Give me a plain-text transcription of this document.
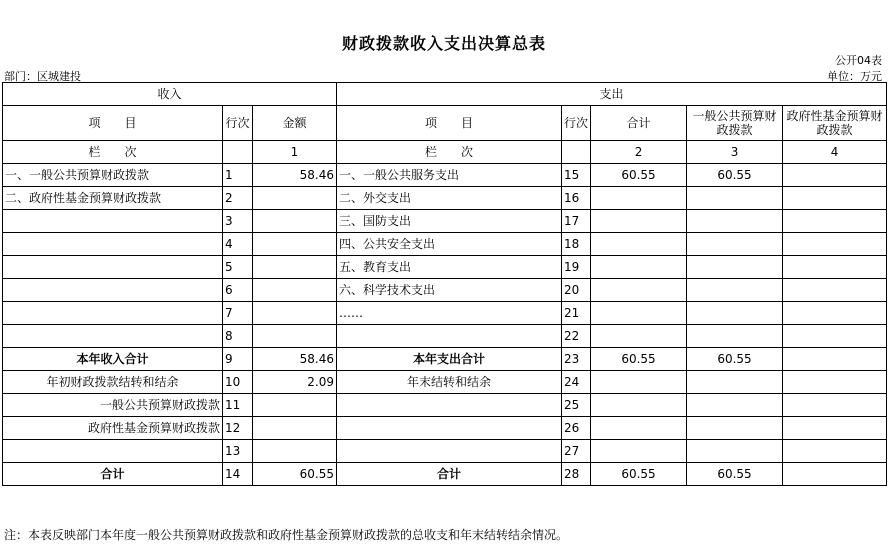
财政拨款收入支出决算总表
公开04表
部门：区城建投	单位：万元
收入			支出				
项　　目	行次	金额	项　　目	行次	合计	一般公共预算财政拨款	政府性基金预算财政拨款
栏　　次		1	栏　　次		2	3	4
一、一般公共预算财政拨款	1	58.46	一、一般公共服务支出	15	60.55	60.55	
二、政府性基金预算财政拨款	2		二、外交支出	16			
	3		三、国防支出	17			
	4		四、公共安全支出	18			
	5		五、教育支出	19			
	6		六、科学技术支出	20			
	7		……	21			
	8			22			
本年收入合计	9	58.46	本年支出合计	23	60.55	60.55	
年初财政拨款结转和结余	10	2.09	年末结转和结余	24			
一般公共预算财政拨款	11			25			
政府性基金预算财政拨款	12			26			
	13			27			
合计	14	60.55	合计	28	60.55	60.55	
注：本表反映部门本年度一般公共预算财政拨款和政府性基金预算财政拨款的总收支和年末结转结余情况。
